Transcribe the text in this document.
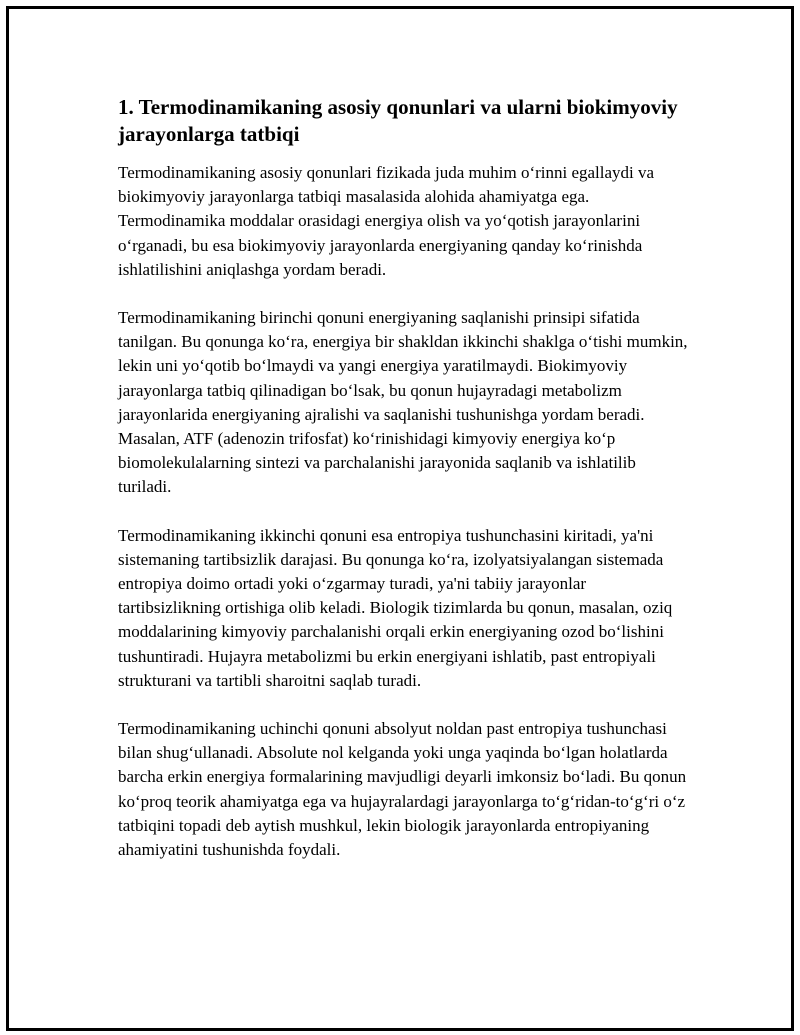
1. Termodinamikaning asosiy qonunlari va ularni biokimyoviy jarayonlarga tatbiqi

Termodinamikaning asosiy qonunlari fizikada juda muhim o‘rinni egallaydi va biokimyoviy jarayonlarga tatbiqi masalasida alohida ahamiyatga ega. Termodinamika moddalar orasidagi energiya olish va yo‘qotish jarayonlarini o‘rganadi, bu esa biokimyoviy jarayonlarda energiyaning qanday ko‘rinishda ishlatilishini aniqlashga yordam beradi.

Termodinamikaning birinchi qonuni energiyaning saqlanishi prinsipi sifatida tanilgan. Bu qonunga ko‘ra, energiya bir shakldan ikkinchi shaklga o‘tishi mumkin, lekin uni yo‘qotib bo‘lmaydi va yangi energiya yaratilmaydi. Biokimyoviy jarayonlarga tatbiq qilinadigan bo‘lsak, bu qonun hujayradagi metabolizm jarayonlarida energiyaning ajralishi va saqlanishi tushunishga yordam beradi. Masalan, ATF (adenozin trifosfat) ko‘rinishidagi kimyoviy energiya ko‘p biomolekulalarning sintezi va parchalanishi jarayonida saqlanib va ishlatilib turiladi.

Termodinamikaning ikkinchi qonuni esa entropiya tushunchasini kiritadi, ya'ni sistemaning tartibsizlik darajasi. Bu qonunga ko‘ra, izolyatsiyalangan sistemada entropiya doimo ortadi yoki o‘zgarmay turadi, ya'ni tabiiy jarayonlar tartibsizlikning ortishiga olib keladi. Biologik tizimlarda bu qonun, masalan, oziq moddalarining kimyoviy parchalanishi orqali erkin energiyaning ozod bo‘lishini tushuntiradi. Hujayra metabolizmi bu erkin energiyani ishlatib, past entropiyali strukturani va tartibli sharoitni saqlab turadi.

Termodinamikaning uchinchi qonuni absolyut noldan past entropiya tushunchasi bilan shug‘ullanadi. Absolute nol kelganda yoki unga yaqinda bo‘lgan holatlarda barcha erkin energiya formalarining mavjudligi deyarli imkonsiz bo‘ladi. Bu qonun ko‘proq teorik ahamiyatga ega va hujayralardagi jarayonlarga to‘g‘ridan-to‘g‘ri o‘z tatbiqini topadi deb aytish mushkul, lekin biologik jarayonlarda entropiyaning ahamiyatini tushunishda foydali.
